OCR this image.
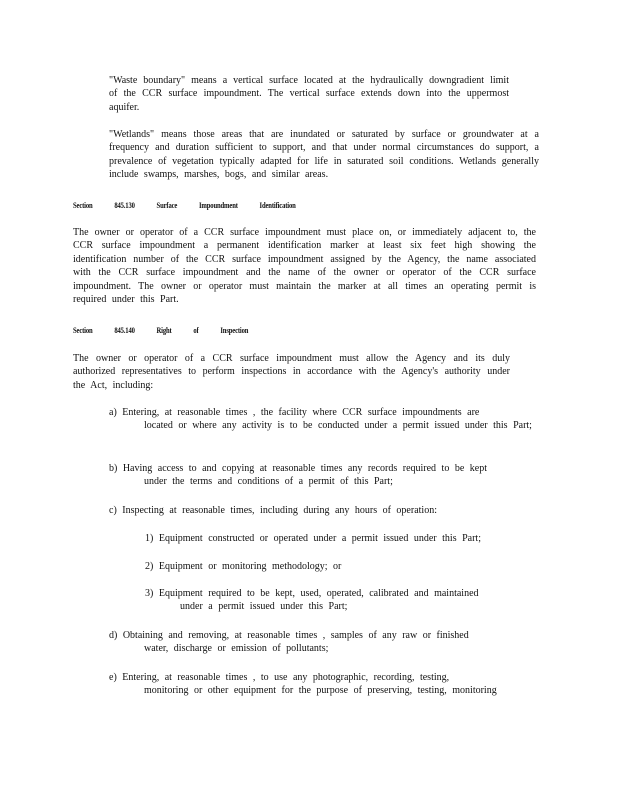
"Waste boundary" means a vertical surface located at the hydraulically downgradient limit of the CCR surface impoundment. The vertical surface extends down into the uppermost aquifer.

"Wetlands" means those areas that are inundated or saturated by surface or groundwater at a frequency and duration sufficient to support, and that under normal circumstances do support, a prevalence of vegetation typically adapted for life in saturated soil conditions. Wetlands generally include swamps, marshes, bogs, and similar areas.

Section 845.130 Surface Impoundment Identification

The owner or operator of a CCR surface impoundment must place on, or immediately adjacent to, the CCR surface impoundment a permanent identification marker at least six feet high showing the identification number of the CCR surface impoundment assigned by the Agency, the name associated with the CCR surface impoundment and the name of the owner or operator of the CCR surface impoundment. The owner or operator must maintain the marker at all times an operating permit is required under this Part.

Section 845.140 Right of Inspection

The owner or operator of a CCR surface impoundment must allow the Agency and its duly authorized representatives to perform inspections in accordance with the Agency's authority under the Act, including:

a) Entering, at reasonable times , the facility where CCR surface impoundments are
located or where any activity is to be conducted under a permit issued under this Part;
b) Having access to and copying at reasonable times any records required to be kept
under the terms and conditions of a permit of this Part;
c) Inspecting at reasonable times, including during any hours of operation:
1) Equipment constructed or operated under a permit issued under this Part;
2) Equipment or monitoring methodology; or
3) Equipment required to be kept, used, operated, calibrated and maintained
under a permit issued under this Part;
d) Obtaining and removing, at reasonable times , samples of any raw or finished
water, discharge or emission of pollutants;
e) Entering, at reasonable times , to use any photographic, recording, testing,
monitoring or other equipment for the purpose of preserving, testing, monitoring
